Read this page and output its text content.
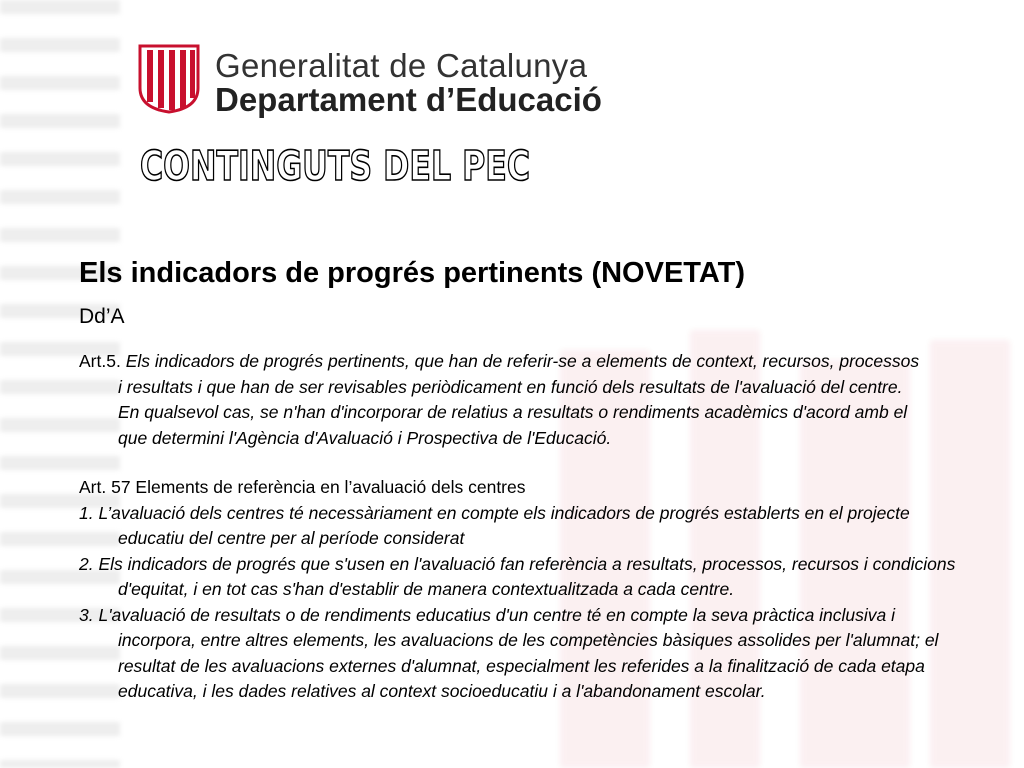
Generalitat de Catalunya
Departament d’Educació
CONTINGUTS DEL PEC
Els indicadors de progrés pertinents (NOVETAT)
Dd’A
Art.5. Els indicadors de progrés pertinents, que han de referir-se a elements de context, recursos, processos
i resultats i que han de ser revisables periòdicament en funció dels resultats de l'avaluació del centre.
En qualsevol cas, se n'han d'incorporar de relatius a resultats o rendiments acadèmics d'acord amb el
que determini l'Agència d'Avaluació i Prospectiva de l'Educació.
Art. 57 Elements de referència en l’avaluació dels centres
1. L’avaluació dels centres té necessàriament en compte els indicadors de progrés establerts en el projecte
educatiu del centre per al període considerat
2. Els indicadors de progrés que s'usen en l'avaluació fan referència a resultats, processos, recursos i condicions
d'equitat, i en tot cas s'han d'establir de manera contextualitzada a cada centre.
3. L'avaluació de resultats o de rendiments educatius d'un centre té en compte la seva pràctica inclusiva i
incorpora, entre altres elements, les avaluacions de les competències bàsiques assolides per l'alumnat; el
resultat de les avaluacions externes d'alumnat, especialment les referides a la finalització de cada etapa
educativa, i les dades relatives al context socioeducatiu i a l'abandonament escolar.
